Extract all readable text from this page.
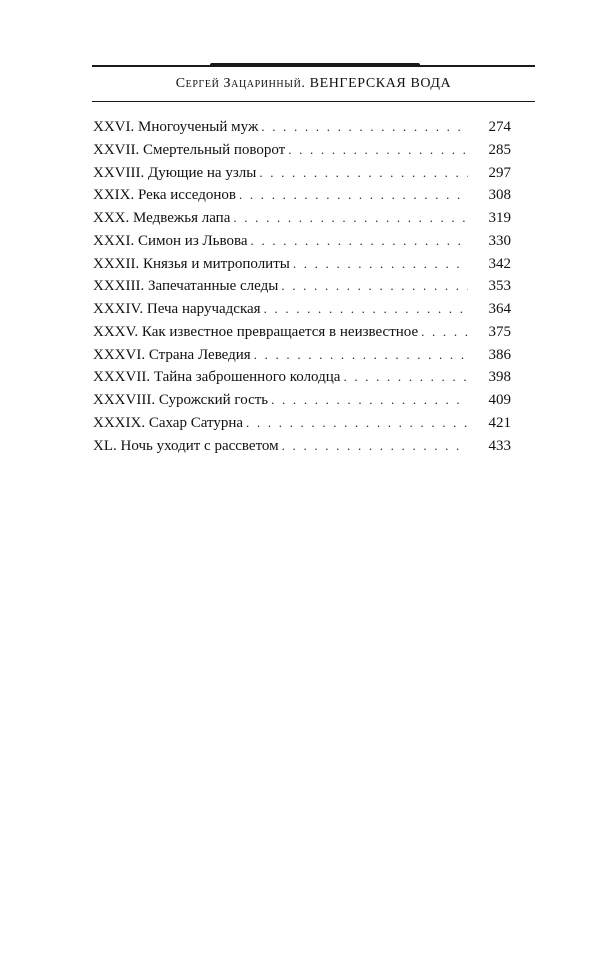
Сергей Зацаринный. ВЕНГЕРСКАЯ ВОДА
XXVI. Многоученый муж . . .	274
XXVII. Смертельный поворот . . .	285
XXVIII. Дующие на узлы . . .	297
XXIX. Река исседонов . . .	308
XXX. Медвежья лапа . . .	319
XXXI. Симон из Львова . . .	330
XXXII. Князья и митрополиты . . .	342
XXXIII. Запечатанные следы . . .	353
XXXIV. Печа наручадская . . .	364
XXXV. Как известное превращается в неизвестное . . .	375
XXXVI. Страна Леведия . . .	386
XXXVII. Тайна заброшенного колодца . . .	398
XXXVIII. Сурожский гость . . .	409
XXXIX. Сахар Сатурна . . .	421
XL. Ночь уходит с рассветом . . .	433
